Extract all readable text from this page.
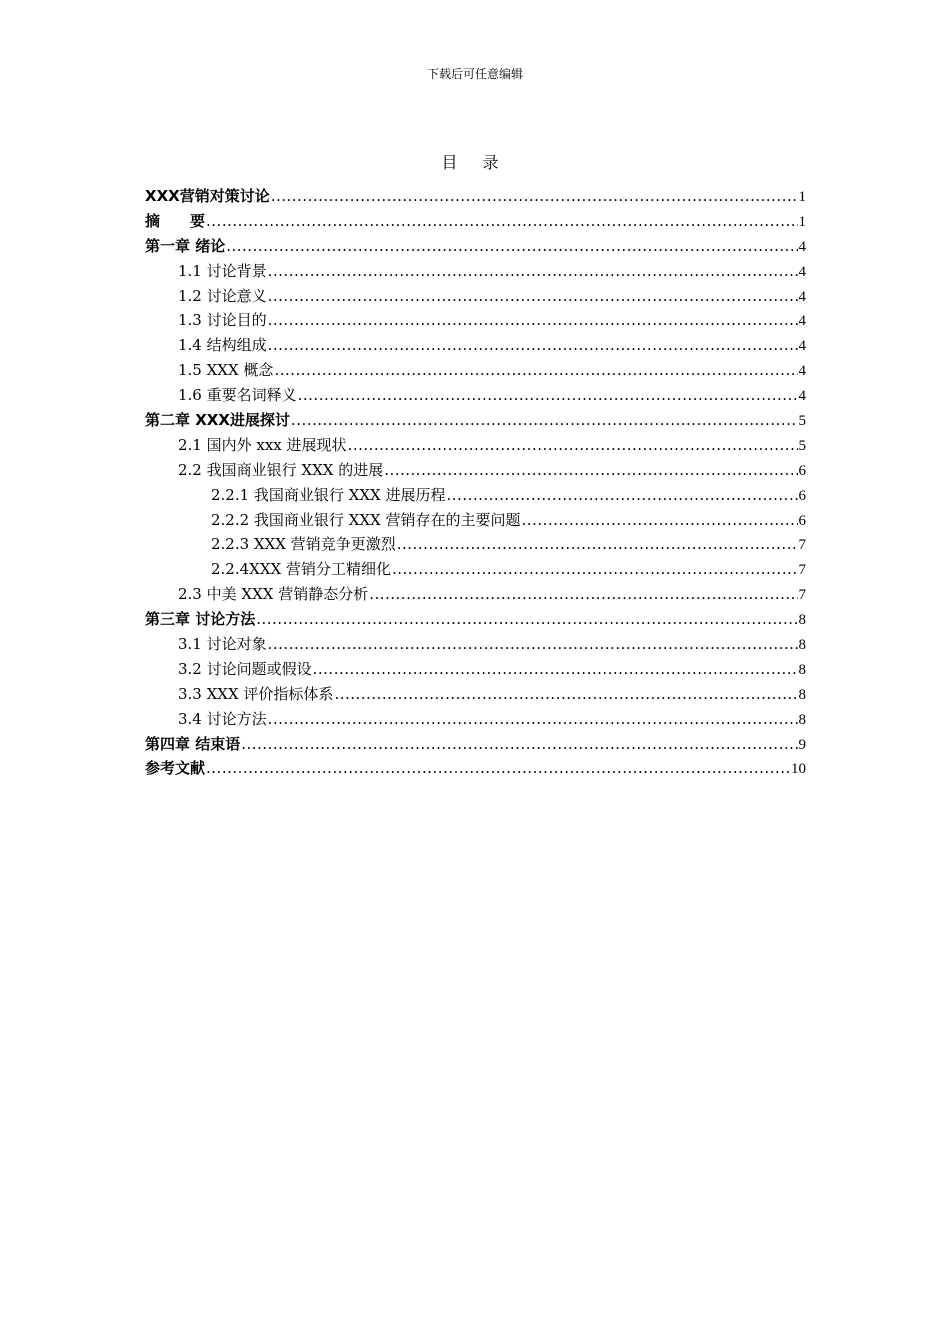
下载后可任意编辑
目 录
XXX营销对策讨论 .....	1
摘　　要 .....	1
第一章 绪论 .....	4
1.1 讨论背景 .....	4
1.2 讨论意义 .....	4
1.3 讨论目的 .....	4
1.4 结构组成 .....	4
1.5 XXX 概念 .....	4
1.6 重要名词释义 .....	4
第二章 XXX进展探讨 .....	5
2.1 国内外 xxx 进展现状 .....	5
2.2 我国商业银行 XXX 的进展 .....	6
2.2.1 我国商业银行 XXX 进展历程 .....	6
2.2.2 我国商业银行 XXX 营销存在的主要问题 .....	6
2.2.3 XXX 营销竞争更激烈 .....	7
2.2.4XXX 营销分工精细化 .....	7
2.3 中美 XXX 营销静态分析 .....	7
第三章 讨论方法 .....	8
3.1 讨论对象 .....	8
3.2 讨论问题或假设 .....	8
3.3 XXX 评价指标体系 .....	8
3.4 讨论方法 .....	8
第四章 结束语 .....	9
参考文献 .....	10
